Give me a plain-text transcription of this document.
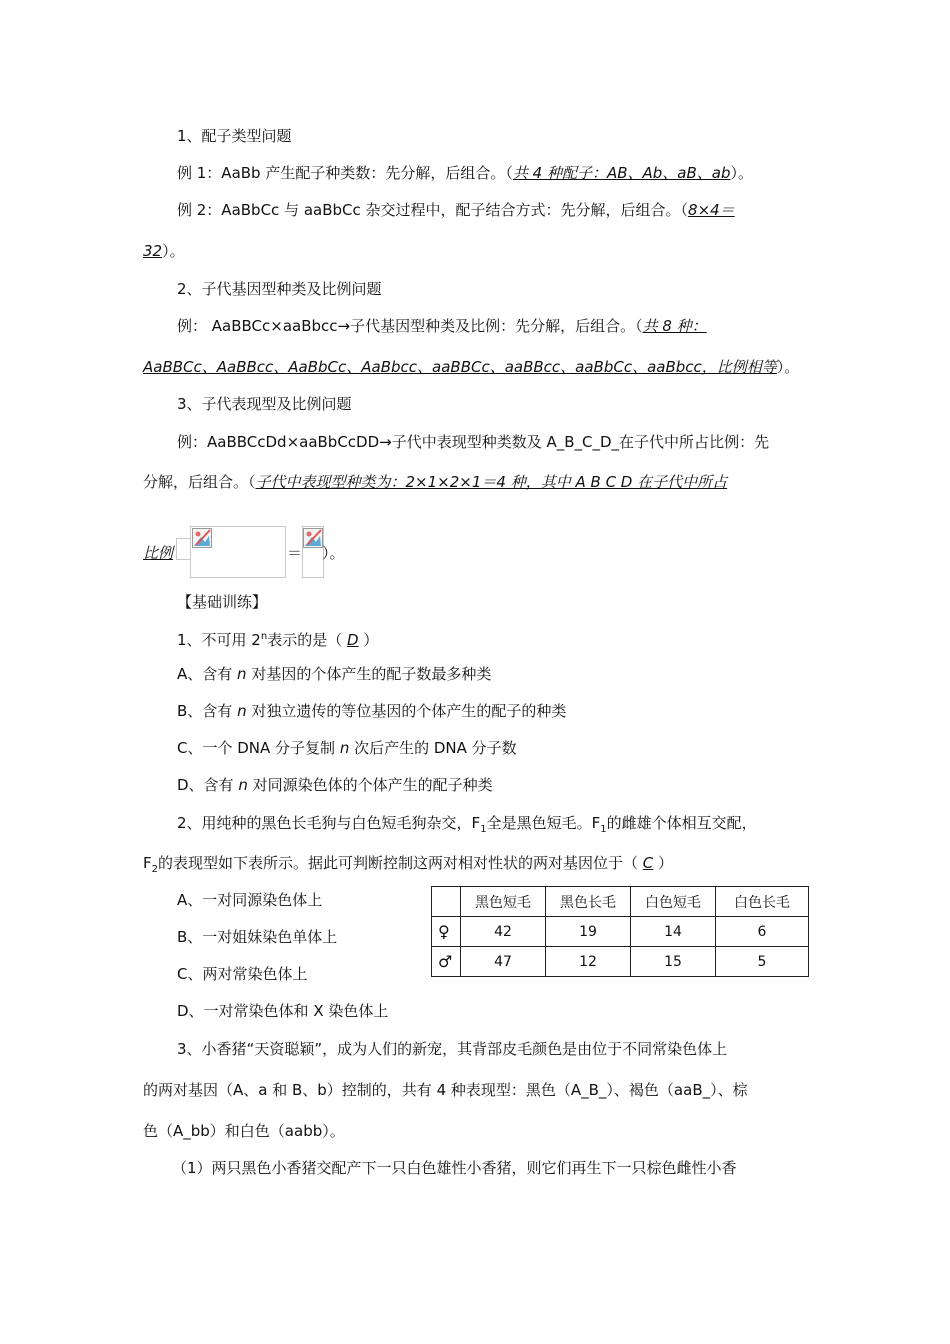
1、配子类型问题
例 1：AaBb 产生配子种类数：先分解，后组合。（共 4 种配子：AB、Ab、aB、ab）。
例 2：AaBbCc 与 aaBbCc 杂交过程中，配子结合方式：先分解，后组合。（8×4＝
32）。
2、子代基因型种类及比例问题
例： AaBBCc×aaBbcc→子代基因型种类及比例：先分解，后组合。（共 8 种：
AaBBCc、AaBBcc、AaBbCc、AaBbcc、aaBBCc、aaBBcc、aaBbCc、aaBbcc，比例相等）。
3、子代表现型及比例问题
例：AaBBCcDd×aaBbCcDD→子代中表现型种类数及 A_B_C_D_在子代中所占比例：先
分解，后组合。（子代中表现型种类为：2×1×2×1＝4 种，其中 A B C D 在子代中所占
比例	＝ ）。
【基础训练】
1、不可用 2$^n$表示的是（ D ）
A、含有 n 对基因的个体产生的配子数最多种类
B、含有 n 对独立遗传的等位基因的个体产生的配子的种类
C、一个 DNA 分子复制 n 次后产生的 DNA 分子数
D、含有 n 对同源染色体的个体产生的配子种类
2、用纯种的黑色长毛狗与白色短毛狗杂交，$F_1$全是黑色短毛。$F_1$的雌雄个体相互交配，
$F_2$的表现型如下表所示。据此可判断控制这两对相对性状的两对基因位于（ C ）
A、一对同源染色体上
B、一对姐妹染色单体上
C、两对常染色体上
D、一对常染色体和 X 染色体上
	黑色短毛	黑色长毛	白色短毛	白色长毛
♀	42	19	14	6
♂	47	12	15	5
3、小香猪“天资聪颖”，成为人们的新宠，其背部皮毛颜色是由位于不同常染色体上
的两对基因（A、a 和 B、b）控制的，共有 4 种表现型：黑色（A_B_）、褐色（aaB_）、棕
色（A_bb）和白色（aabb）。
（1）两只黑色小香猪交配产下一只白色雄性小香猪，则它们再生下一只棕色雌性小香
